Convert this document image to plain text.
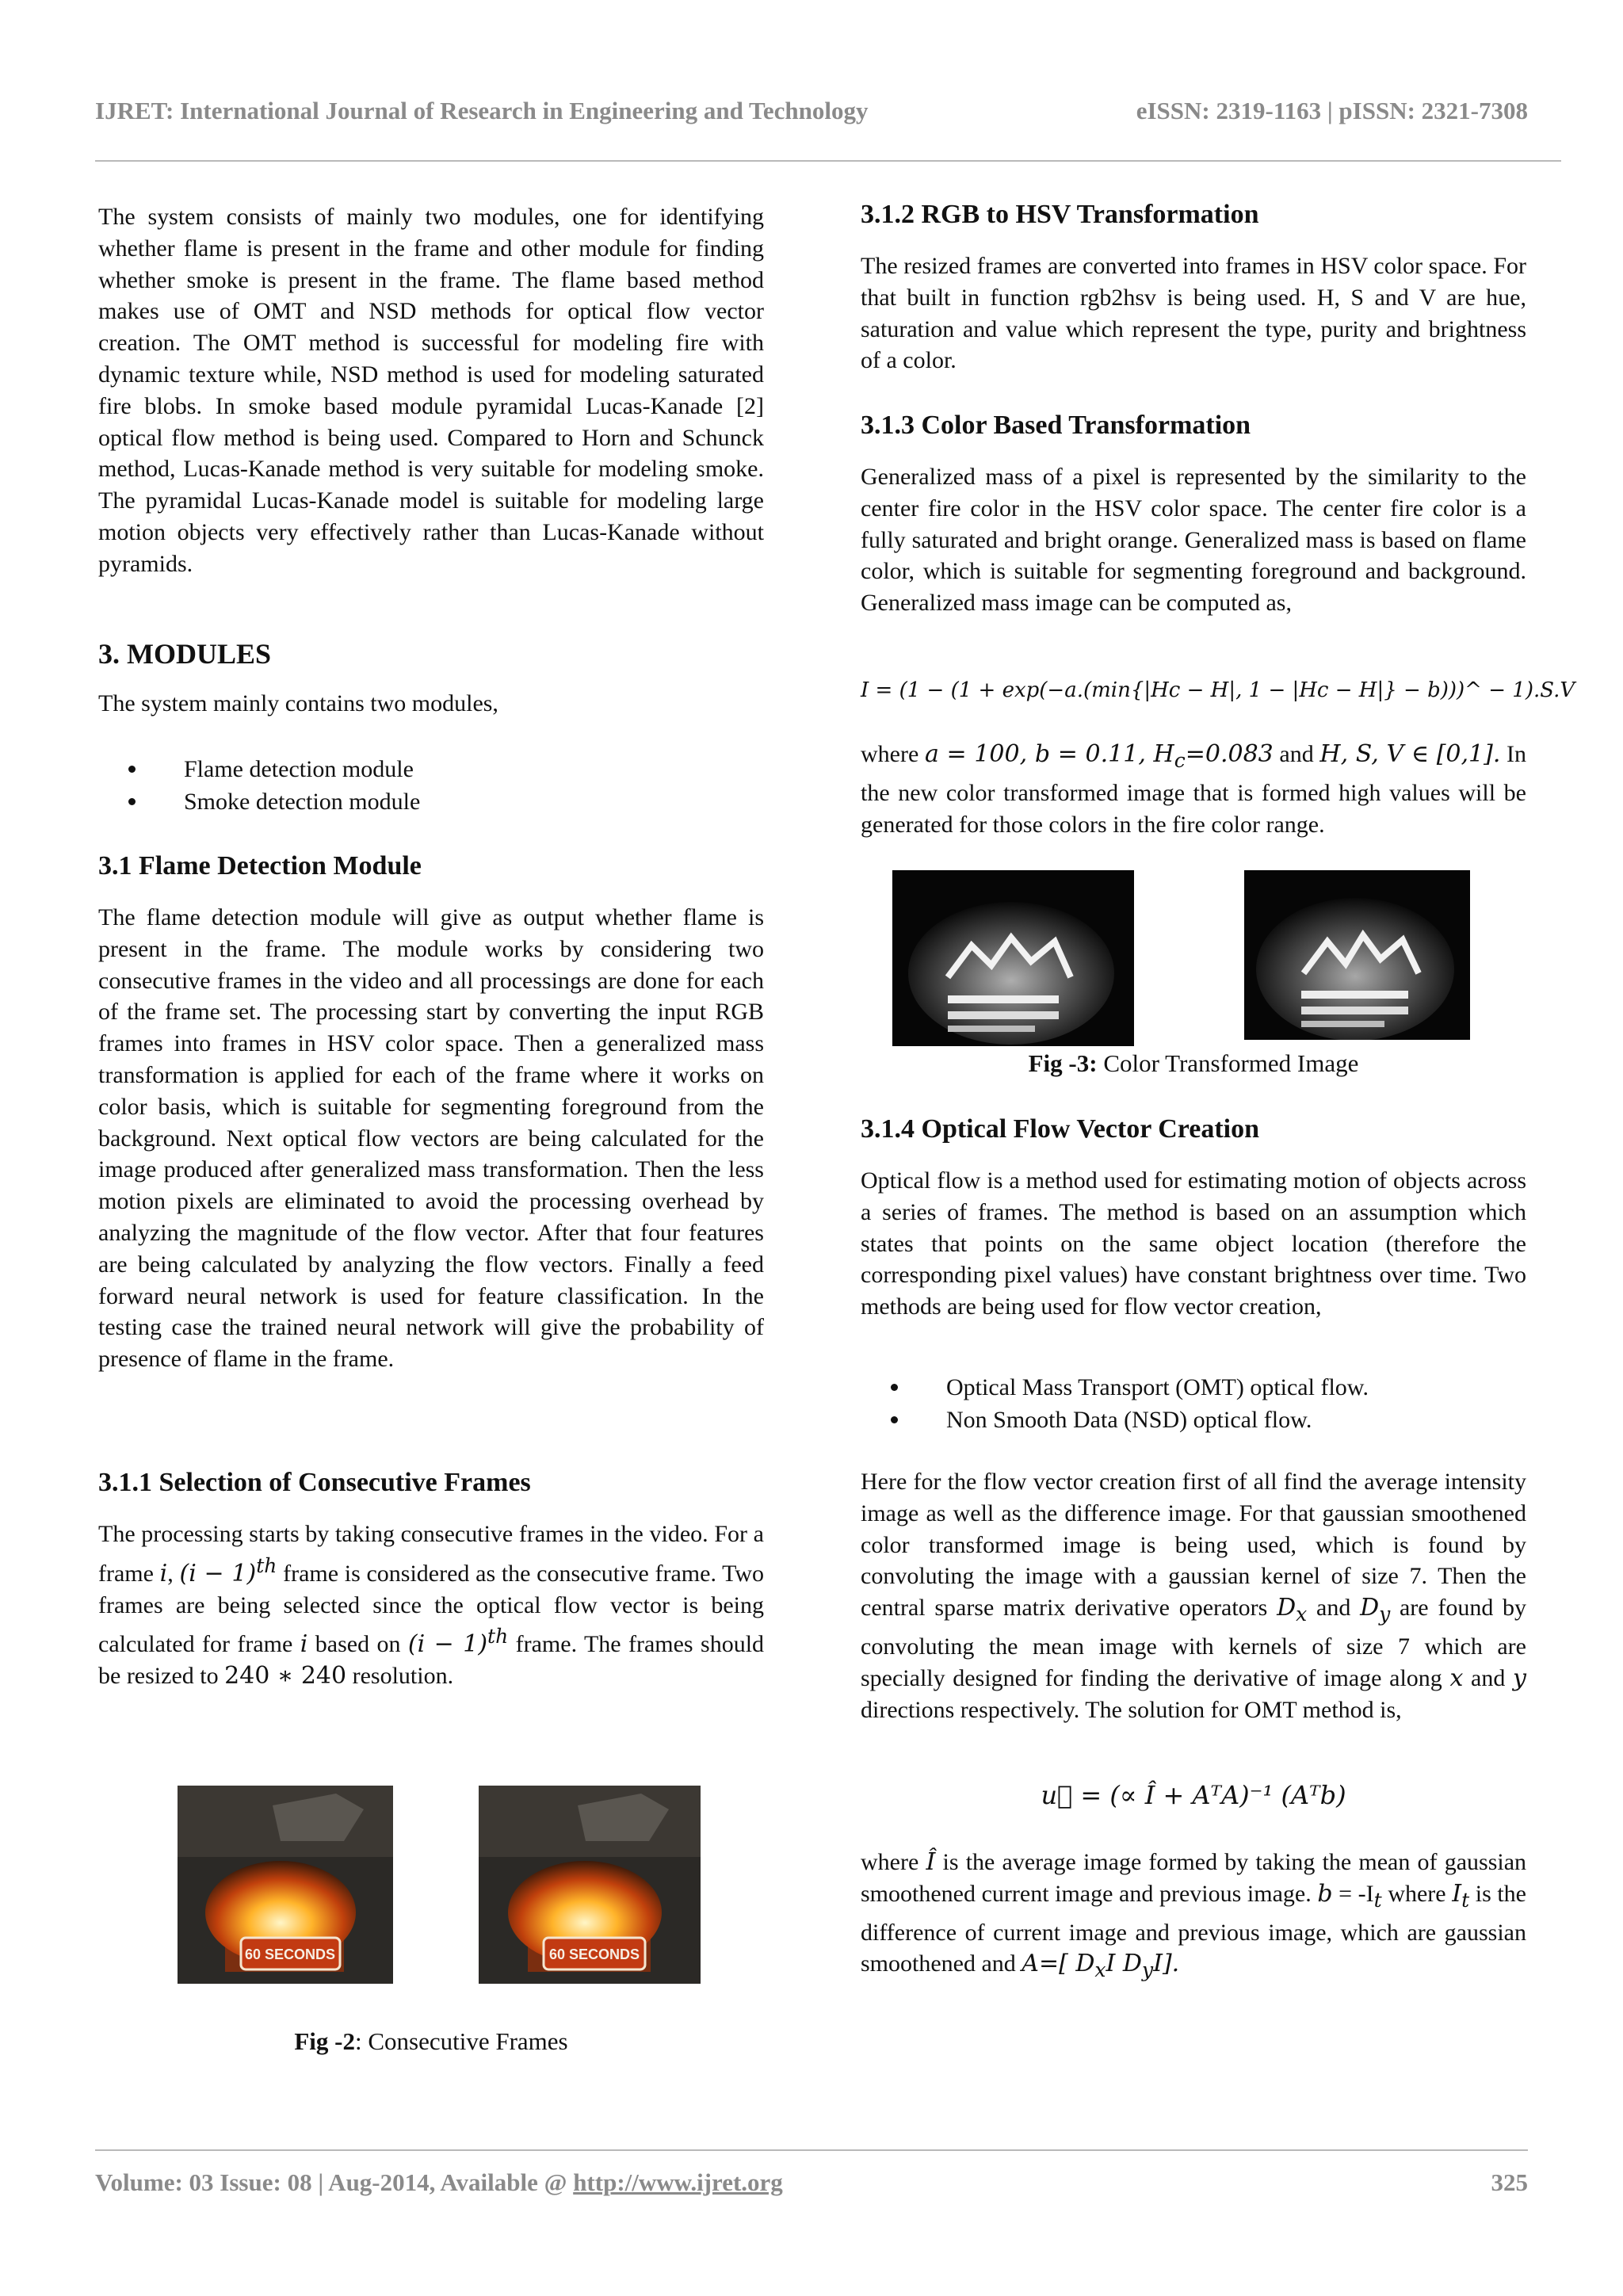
IJRET: International Journal of Research in Engineering and Technology	eISSN: 2319-1163 | pISSN: 2321-7308

The system consists of mainly two modules, one for identifying whether flame is present in the frame and other module for finding whether smoke is present in the frame. The flame based method makes use of OMT and NSD methods for optical flow vector creation. The OMT method is successful for modeling fire with dynamic texture while, NSD method is used for modeling saturated fire blobs. In smoke based module pyramidal Lucas-Kanade [2] optical flow method is being used. Compared to Horn and Schunck method, Lucas-Kanade method is very suitable for modeling smoke. The pyramidal Lucas-Kanade model is suitable for modeling large motion objects very effectively rather than Lucas-Kanade without pyramids.

3. MODULES

The system mainly contains two modules,

Flame detection module
Smoke detection module
3.1 Flame Detection Module

The flame detection module will give as output whether flame is present in the frame. The module works by considering two consecutive frames in the video and all processings are done for each of the frame set. The processing start by converting the input RGB frames into frames in HSV color space. Then a generalized mass transformation is applied for each of the frame where it works on color basis, which is suitable for segmenting foreground from the background. Next optical flow vectors are being calculated for the image produced after generalized mass transformation. Then the less motion pixels are eliminated to avoid the processing overhead by analyzing the magnitude of the flow vector. After that four features are being calculated by analyzing the flow vectors. Finally a feed forward neural network is used for feature classification. In the testing case the trained neural network will give the probability of presence of flame in the frame.

3.1.1 Selection of Consecutive Frames

The processing starts by taking consecutive frames in the video. For a frame i, $(i - 1)^{th}$ frame is considered as the consecutive frame. Two frames are being selected since the optical flow vector is being calculated for frame i based on $(i - 1)^{th}$ frame. The frames should be resized to 240 ∗ 240 resolution.

60 SECONDS	60 SECONDS
Fig -2: Consecutive Frames
3.1.2 RGB to HSV Transformation

The resized frames are converted into frames in HSV color space. For that built in function rgb2hsv is being used. H, S and V are hue, saturation and value which represent the type, purity and brightness of a color.

3.1.3 Color Based Transformation

Generalized mass of a pixel is represented by the similarity to the center fire color in the HSV color space. The center fire color is a fully saturated and bright orange. Generalized mass is based on flame color, which is suitable for segmenting foreground and background. Generalized mass image can be computed as,

I = (1 − (1 + exp(−a.(min{|Hc − H|, 1 − |Hc − H|} − b)))^ − 1).S.V

where a = 100, b = 0.11, $H_c=0.083$ and H, S, V ∈ [0,1]. In the new color transformed image that is formed high values will be generated for those colors in the fire color range.

Fig -3: Color Transformed Image
3.1.4 Optical Flow Vector Creation

Optical flow is a method used for estimating motion of objects across a series of frames. The method is based on an assumption which states that points on the same object location (therefore the corresponding pixel values) have constant brightness over time. Two methods are being used for flow vector creation,

Optical Mass Transport (OMT) optical flow.
Non Smooth Data (NSD) optical flow.

Here for the flow vector creation first of all find the average intensity image as well as the difference image. For that gaussian smoothened color transformed image is being used, which is found by convoluting the image with a gaussian kernel of size 7. Then the central sparse matrix derivative operators $D_x$ and $D_y$ are found by convoluting the mean image with kernels of size 7 which are specially designed for finding the derivative of image along x and y directions respectively. The solution for OMT method is,

u⃗ = (∝ Î + AᵀA)⁻¹ (Aᵀb)

where Î is the average image formed by taking the mean of gaussian smoothened current image and previous image. $b = -I_t$ where $I_t$ is the difference of current image and previous image, which are gaussian smoothened and A=[ $D_xI$ $D_yI$].

Volume: 03 Issue: 08 | Aug-2014, Available @ http://www.ijret.org	325
